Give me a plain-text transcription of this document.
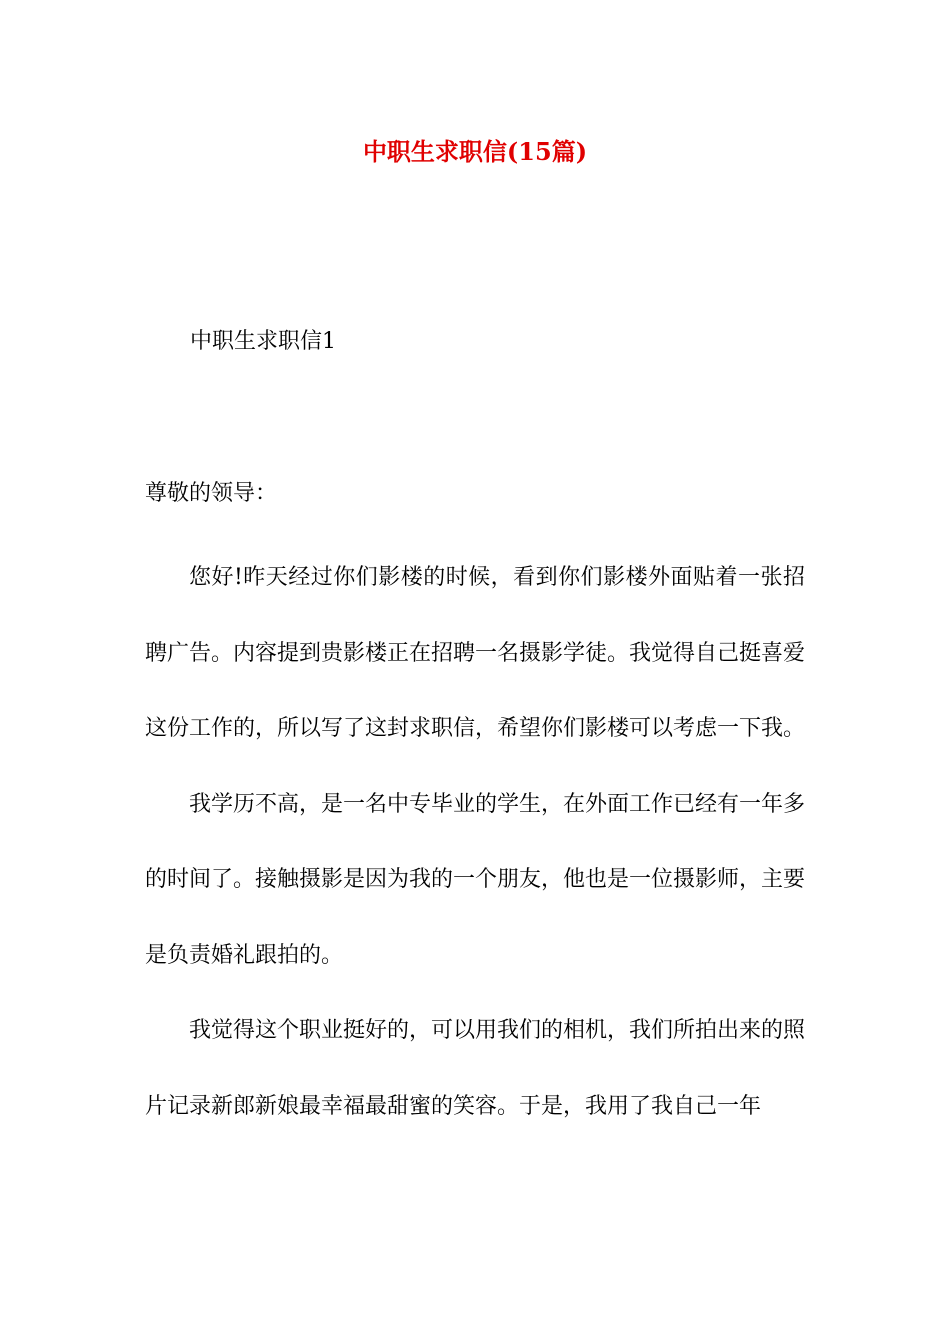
中职生求职信(15篇)

中职生求职信1

尊敬的领导：

您好!昨天经过你们影楼的时候，看到你们影楼外面贴着一张招聘广告。内容提到贵影楼正在招聘一名摄影学徒。我觉得自己挺喜爱这份工作的，所以写了这封求职信，希望你们影楼可以考虑一下我。

我学历不高，是一名中专毕业的学生，在外面工作已经有一年多的时间了。接触摄影是因为我的一个朋友，他也是一位摄影师，主要是负责婚礼跟拍的。

我觉得这个职业挺好的，可以用我们的相机，我们所拍出来的照片记录新郎新娘最幸福最甜蜜的笑容。于是，我用了我自己一年
